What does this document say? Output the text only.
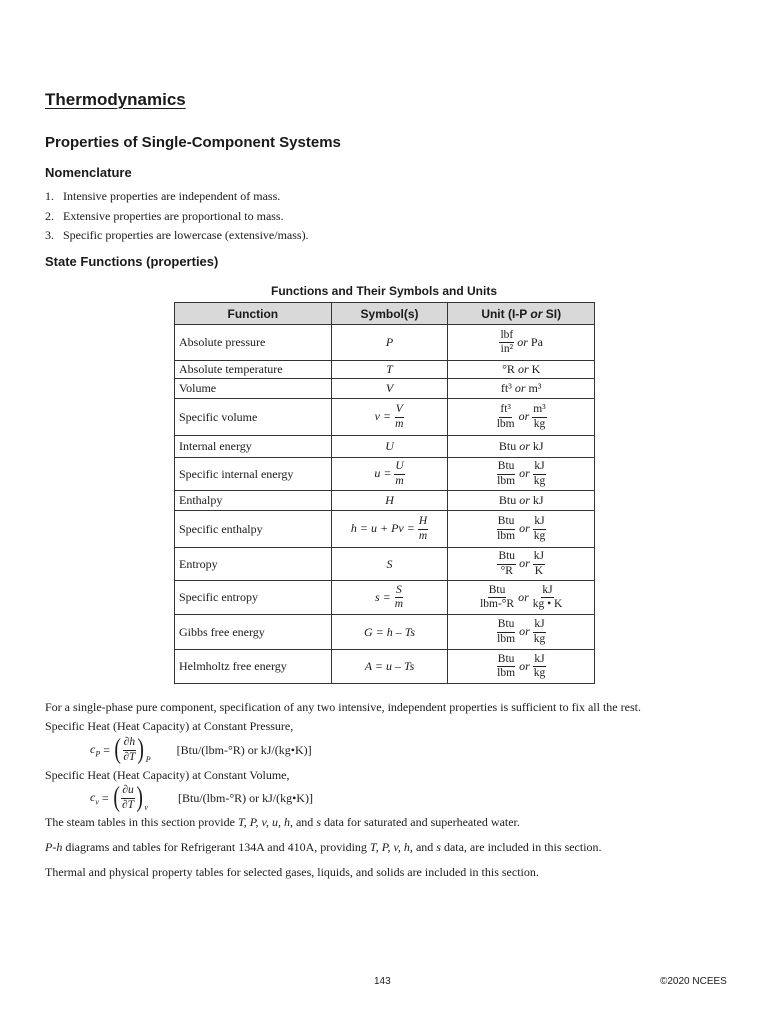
Thermodynamics
Properties of Single-Component Systems
Nomenclature
1. Intensive properties are independent of mass.
2. Extensive properties are proportional to mass.
3. Specific properties are lowercase (extensive/mass).
State Functions (properties)
Functions and Their Symbols and Units
Function	Symbol(s)	Unit (I-P or SI)
Absolute pressure	P	$\frac{\text{lbf}}{\text{in²}}$ or Pa
Absolute temperature	T	°R or K
Volume	V	ft³ or m³
Specific volume	$v = \frac{V}{m}$	$\frac{\text{ft³}}{\text{lbm}}$ or $\frac{\text{m³}}{kg}$

Internal energy	U	Btu or kJ
Specific internal energy	$u = \frac{U}{m}$	$\frac{\text{Btu}}{\text{lbm}}$ or $\frac{kJ}{kg}$

Enthalpy	H	Btu or kJ
Specific enthalpy	$h = u + Pv = \frac{H}{m}$	$\frac{\text{Btu}}{\text{lbm}}$ or $\frac{kJ}{kg}$

Entropy	S	$\frac{\text{Btu}}{^\circ R}$ or $\frac{kJ}{K}$

Specific entropy	$s = \frac{S}{m}$	$\frac{\text{Btu}}{\text{lbm-°R}}$ or $\frac{kJ}{kg • K}$

Gibbs free energy	G = h – Ts	$\frac{\text{Btu}}{\text{lbm}}$ or $\frac{kJ}{kg}$

Helmholtz free energy	A = u – Ts	$\frac{\text{Btu}}{\text{lbm}}$ or $\frac{kJ}{kg}$
For a single-phase pure component, specification of any two intensive, independent properties is sufficient to fix all the rest.
Specific Heat (Heat Capacity) at Constant Pressure,
$c_P$ = ( $\frac{\partial h}{\partial T} )_P$
[Btu/(lbm-°R) or kJ/(kg•K)]
Specific Heat (Heat Capacity) at Constant Volume,
$c_v$ = ( $\frac{\partial u}{\partial T} )_v$
[Btu/(lbm-°R) or kJ/(kg•K)]
The steam tables in this section provide T, P, v, u, h, and s data for saturated and superheated water.
P-h diagrams and tables for Refrigerant 134A and 410A, providing T, P, v, h, and s data, are included in this section.
Thermal and physical property tables for selected gases, liquids, and solids are included in this section.
143	©2020 NCEES
